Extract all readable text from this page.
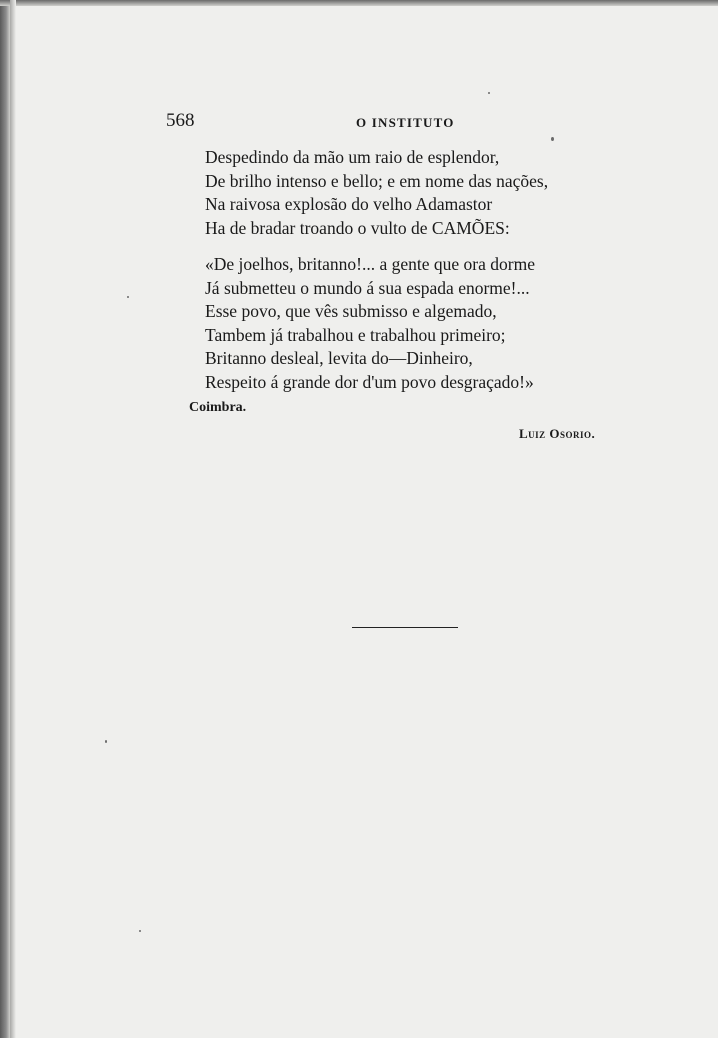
568	O INSTITUTO
Despedindo da mão um raio de esplendor,
De brilho intenso e bello; e em nome das nações,
Na raivosa explosão do velho Adamastor
Ha de bradar troando o vulto de CAMÕES:
«De joelhos, britanno!... a gente que ora dorme
Já submetteu o mundo á sua espada enorme!...
Esse povo, que vês submisso e algemado,
Tambem já trabalhou e trabalhou primeiro;
Britanno desleal, levita do—Dinheiro,
Respeito á grande dor d'um povo desgraçado!»
Coimbra.
Luiz Osorio.
